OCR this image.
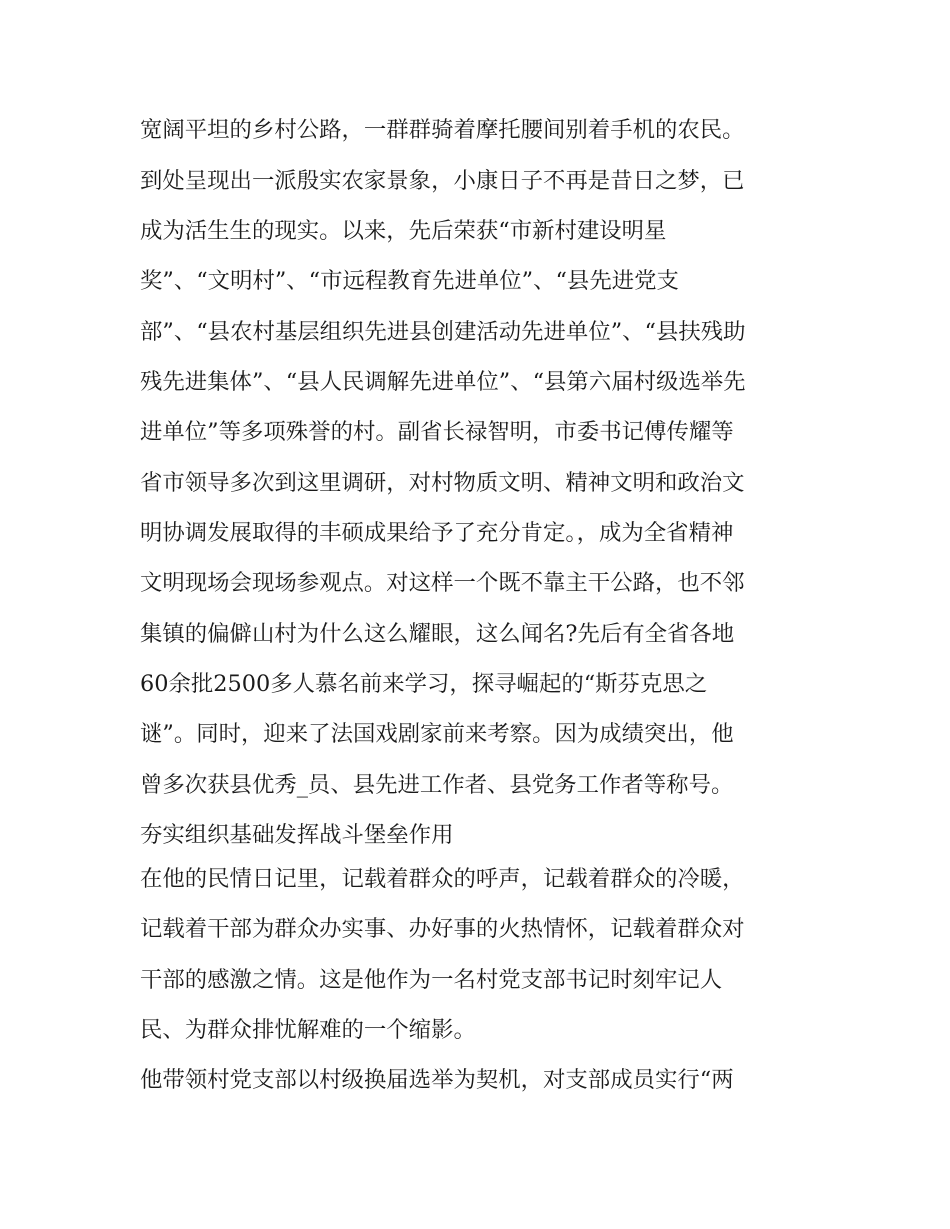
宽阔平坦的乡村公路，一群群骑着摩托腰间别着手机的农民。
到处呈现出一派殷实农家景象，小康日子不再是昔日之梦，已
成为活生生的现实。以来，先后荣获“市新村建设明星
奖”、“文明村”、“市远程教育先进单位”、“县先进党支
部”、“县农村基层组织先进县创建活动先进单位”、“县扶残助
残先进集体”、“县人民调解先进单位”、“县第六届村级选举先
进单位”等多项殊誉的村。副省长禄智明，市委书记傅传耀等
省市领导多次到这里调研，对村物质文明、精神文明和政治文
明协调发展取得的丰硕成果给予了充分肯定。，成为全省精神
文明现场会现场参观点。对这样一个既不靠主干公路，也不邻
集镇的偏僻山村为什么这么耀眼，这么闻名?先后有全省各地
60余批2500多人慕名前来学习，探寻崛起的“斯芬克思之
谜”。同时，迎来了法国戏剧家前来考察。因为成绩突出，他
曾多次获县优秀_员、县先进工作者、县党务工作者等称号。
夯实组织基础发挥战斗堡垒作用
在他的民情日记里，记载着群众的呼声，记载着群众的冷暖，
记载着干部为群众办实事、办好事的火热情怀，记载着群众对
干部的感激之情。这是他作为一名村党支部书记时刻牢记人
民、为群众排忧解难的一个缩影。
他带领村党支部以村级换届选举为契机，对支部成员实行“两
